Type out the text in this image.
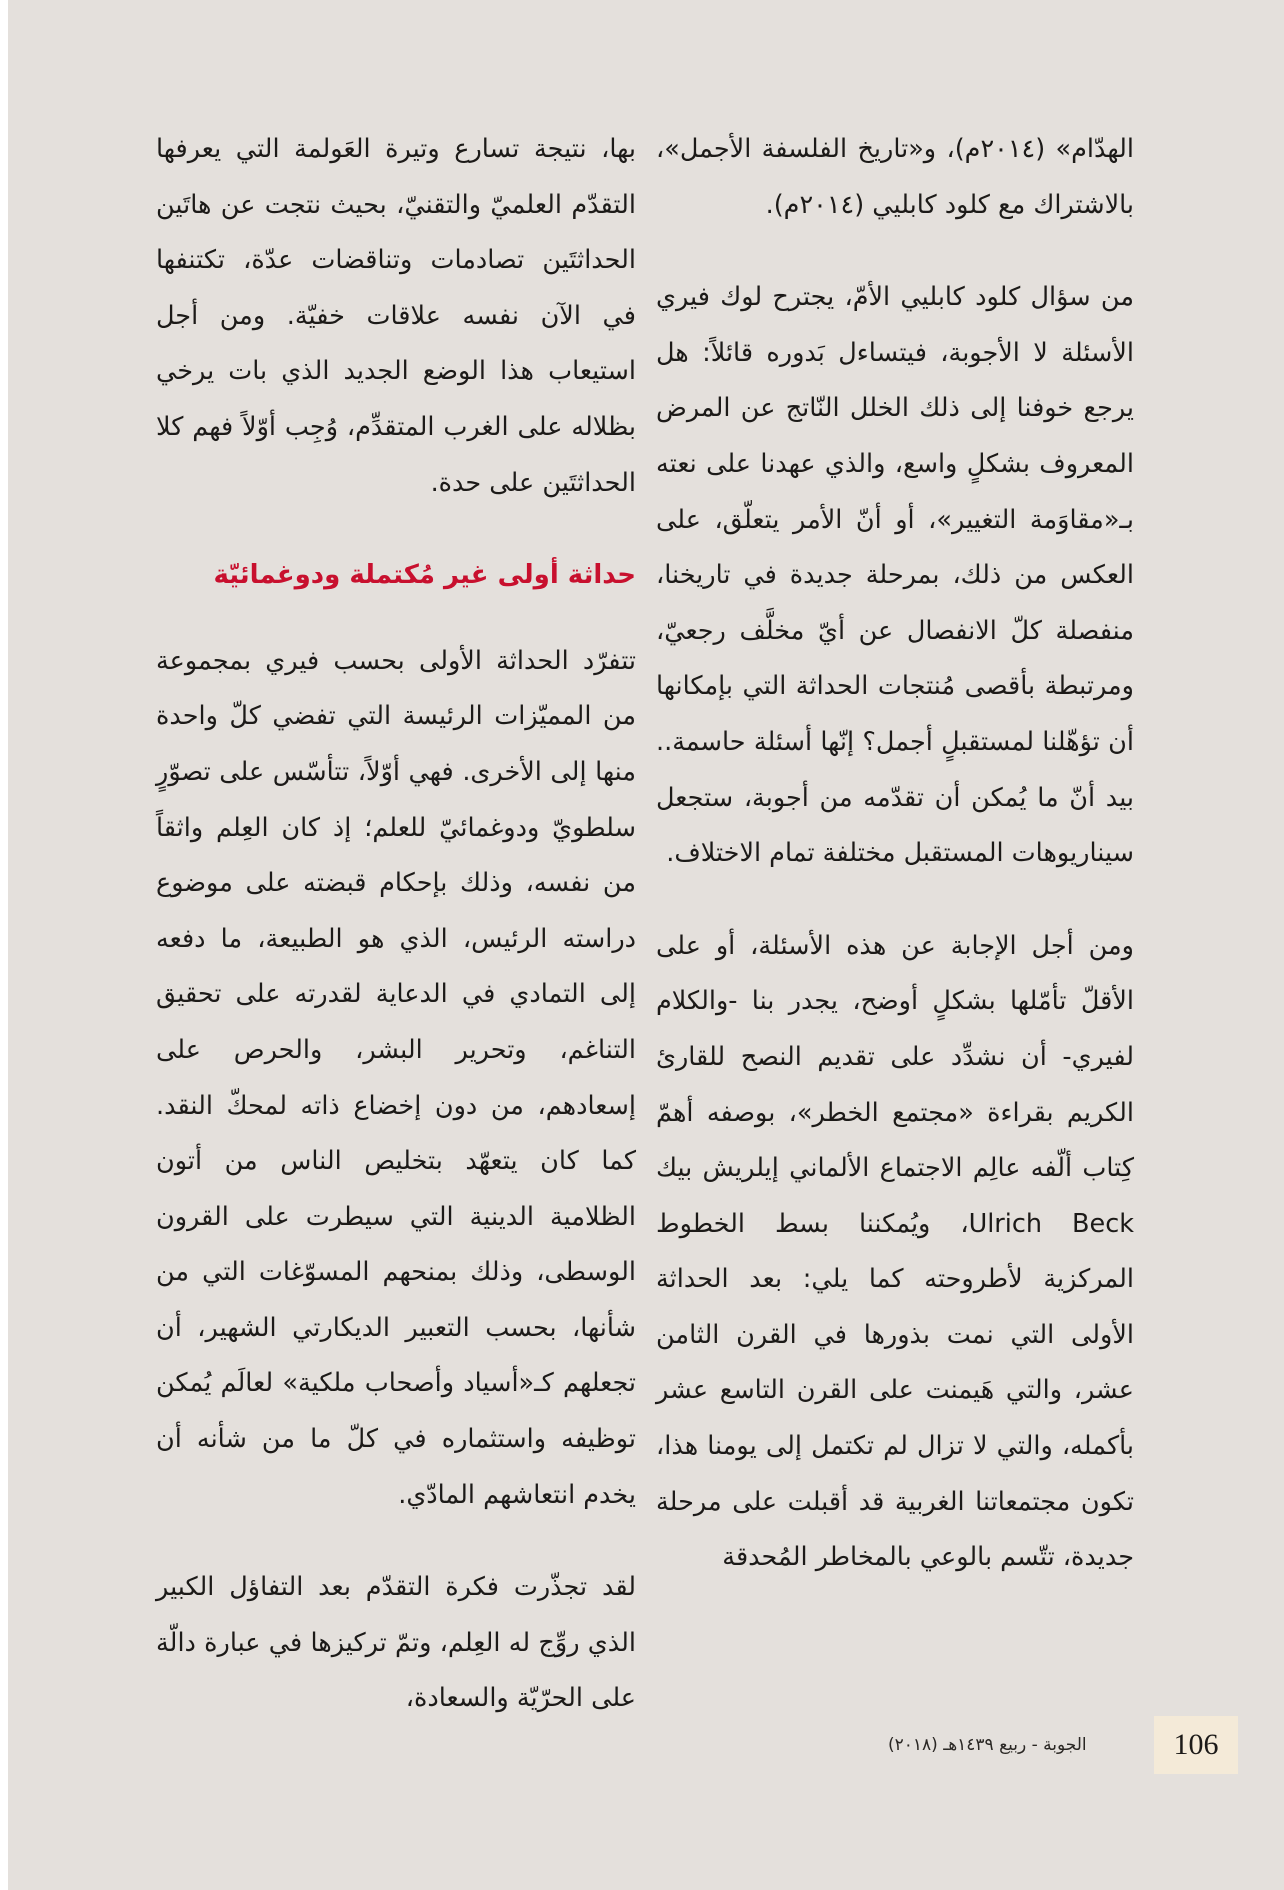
الهدّام» (٢٠١٤م)، و«تاريخ الفلسفة الأجمل»، بالاشتراك مع كلود كابليي (٢٠١٤م).

من سؤال كلود كابليي الأمّ، يجترح لوك فيري الأسئلة لا الأجوبة، فيتساءل بَدوره قائلاً: هل يرجع خوفنا إلى ذلك الخلل النّاتج عن المرض المعروف بشكلٍ واسع، والذي عهدنا على نعته بـ«مقاوَمة التغيير»، أو أنّ الأمر يتعلّق، على العكس من ذلك، بمرحلة جديدة في تاريخنا، منفصلة كلّ الانفصال عن أيّ مخلَّف رجعيّ، ومرتبطة بأقصى مُنتجات الحداثة التي بإمكانها أن تؤهّلنا لمستقبلٍ أجمل؟ إنّها أسئلة حاسمة.. بيد أنّ ما يُمكن أن تقدّمه من أجوبة، ستجعل سيناريوهات المستقبل مختلفة تمام الاختلاف.

ومن أجل الإجابة عن هذه الأسئلة، أو على الأقلّ تأمّلها بشكلٍ أوضح، يجدر بنا -والكلام لفيري- أن نشدِّد على تقديم النصح للقارئ الكريم بقراءة «مجتمع الخطر»، بوصفه أهمّ كِتاب ألّفه عالِم الاجتماع الألماني إيلريش بيك Ulrich Beck، ويُمكننا بسط الخطوط المركزية لأطروحته كما يلي: بعد الحداثة الأولى التي نمت بذورها في القرن الثامن عشر، والتي هَيمنت على القرن التاسع عشر بأكمله، والتي لا تزال لم تكتمل إلى يومنا هذا، تكون مجتمعاتنا الغربية قد أقبلت على مرحلة جديدة، تتّسم بالوعي بالمخاطر المُحدقة

بها، نتيجة تسارع وتيرة العَولمة التي يعرفها التقدّم العلميّ والتقنيّ، بحيث نتجت عن هاتَين الحداثتَين تصادمات وتناقضات عدّة، تكتنفها في الآن نفسه علاقات خفيّة. ومن أجل استيعاب هذا الوضع الجديد الذي بات يرخي بظلاله على الغرب المتقدِّم، وُجِب أوّلاً فهم كلا الحداثتَين على حدة.

حداثة أولى غير مُكتملة ودوغمائيّة

تتفرّد الحداثة الأولى بحسب فيري بمجموعة من المميّزات الرئيسة التي تفضي كلّ واحدة منها إلى الأخرى. فهي أوّلاً، تتأسّس على تصوّرٍ سلطويّ ودوغمائيّ للعلم؛ إذ كان العِلم واثقاً من نفسه، وذلك بإحكام قبضته على موضوع دراسته الرئيس، الذي هو الطبيعة، ما دفعه إلى التمادي في الدعاية لقدرته على تحقيق التناغم، وتحرير البشر، والحرص على إسعادهم، من دون إخضاع ذاته لمحكّ النقد. كما كان يتعهّد بتخليص الناس من أتون الظلامية الدينية التي سيطرت على القرون الوسطى، وذلك بمنحهم المسوّغات التي من شأنها، بحسب التعبير الديكارتي الشهير، أن تجعلهم كـ«أسياد وأصحاب ملكية» لعالَم يُمكن توظيفه واستثماره في كلّ ما من شأنه أن يخدم انتعاشهم المادّي.

لقد تجذّرت فكرة التقدّم بعد التفاؤل الكبير الذي روِّج له العِلم، وتمّ تركيزها في عبارة دالّة على الحرّيّة والسعادة،

الجوبة - ربيع ١٤٣٩هـ (٢٠١٨)	106
